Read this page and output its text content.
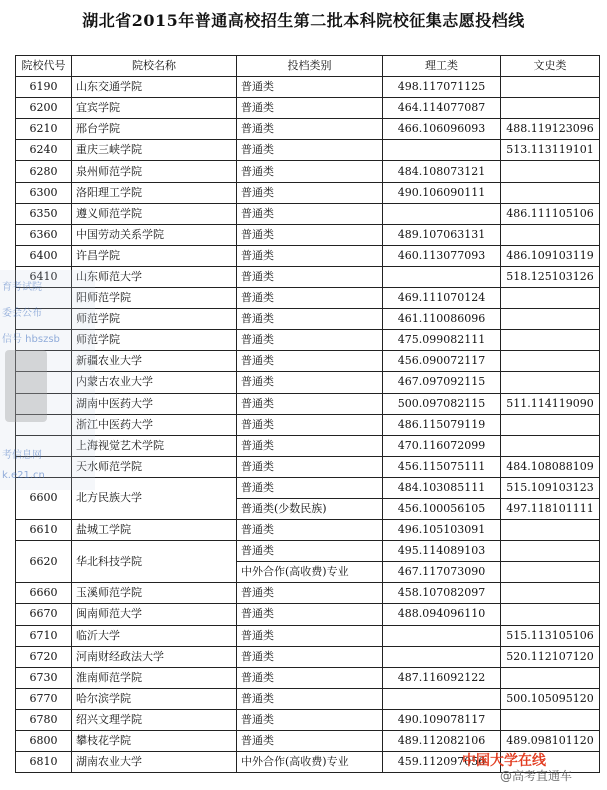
湖北省2015年普通高校招生第二批本科院校征集志愿投档线
院校代号	院校名称	投档类别	理工类	文史类
6190	山东交通学院	普通类	498.117071125	
6200	宜宾学院	普通类	464.114077087	
6210	邢台学院	普通类	466.106096093	488.119123096
6240	重庆三峡学院	普通类		513.113119101
6280	泉州师范学院	普通类	484.108073121	
6300	洛阳理工学院	普通类	490.106090111	
6350	遵义师范学院	普通类		486.111105106
6360	中国劳动关系学院	普通类	489.107063131	
6400	许昌学院	普通类	460.113077093	486.109103119
6410	山东师范大学	普通类		518.125103126
	阳师范学院	普通类	469.111070124	
	师范学院	普通类	461.110086096	
	师范学院	普通类	475.099082111	
	新疆农业大学	普通类	456.090072117	
	内蒙古农业大学	普通类	467.097092115	
	湖南中医药大学	普通类	500.097082115	511.114119090
	浙江中医药大学	普通类	486.115079119	
	上海视觉艺术学院	普通类	470.116072099	
	天水师范学院	普通类	456.115075111	484.108088109
6600	北方民族大学	普通类	484.103085111	515.109103123
		普通类(少数民族)	456.100056105	497.118101111
6610	盐城工学院	普通类	496.105103091	
6620	华北科技学院	普通类	495.114089103	
		中外合作(高收费)专业	467.117073090	
6660	玉溪师范学院	普通类	458.107082097	
6670	闽南师范大学	普通类	488.094096110	
6710	临沂大学	普通类		515.113105106
6720	河南财经政法大学	普通类		520.112107120
6730	淮南师范学院	普通类	487.116092122	
6770	哈尔滨学院	普通类		500.105095120
6780	绍兴文理学院	普通类	490.109078117	
6800	攀枝花学院	普通类	489.112082106	489.098101120
6810	湖南农业大学	中外合作(高收费)专业	459.112097056	
育考试院
委会公布
信号 hbszsb
考信息网
k.e21.cn
中国大学在线
@高考直通车
